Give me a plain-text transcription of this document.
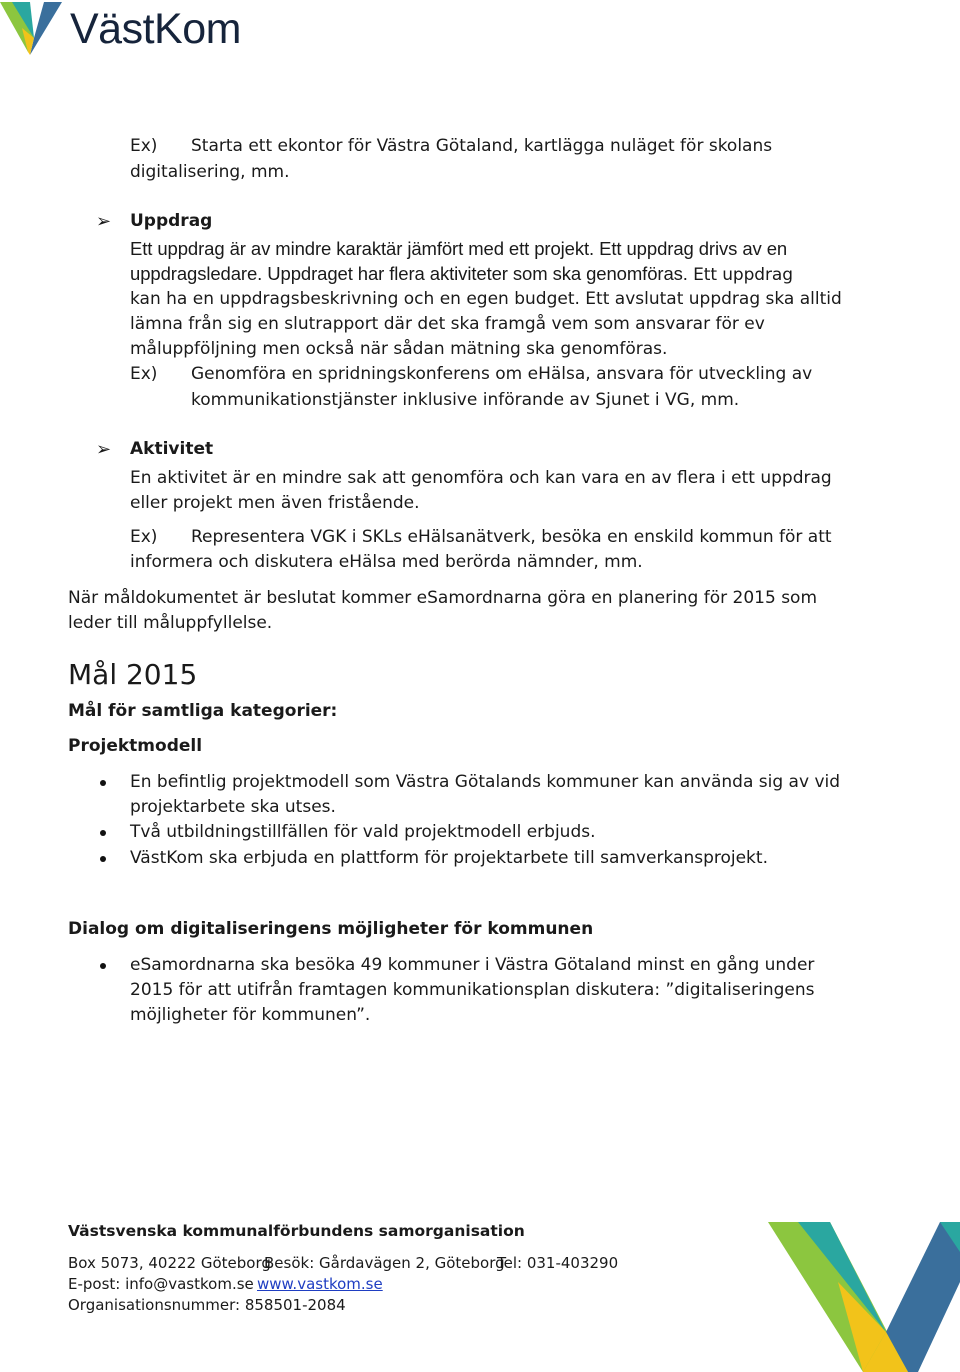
VästKom
Ex) Starta ett ekontor för Västra Götaland, kartlägga nuläget för skolans
digitalisering, mm.
➢ Uppdrag
Ett uppdrag är av mindre karaktär jämfört med ett projekt. Ett uppdrag drivs av en
uppdragsledare. Uppdraget har flera aktiviteter som ska genomföras. Ett uppdrag
kan ha en uppdragsbeskrivning och en egen budget. Ett avslutat uppdrag ska alltid
lämna från sig en slutrapport där det ska framgå vem som ansvarar för ev
måluppföljning men också när sådan mätning ska genomföras.
Ex) Genomföra en spridningskonferens om eHälsa, ansvara för utveckling av
kommunikationstjänster inklusive införande av Sjunet i VG, mm.
➢ Aktivitet
En aktivitet är en mindre sak att genomföra och kan vara en av flera i ett uppdrag
eller projekt men även fristående.
Ex) Representera VGK i SKLs eHälsanätverk, besöka en enskild kommun för att
informera och diskutera eHälsa med berörda nämnder, mm.
När måldokumentet är beslutat kommer eSamordnarna göra en planering för 2015 som
leder till måluppfyllelse.
Mål 2015
Mål för samtliga kategorier:
Projektmodell
En befintlig projektmodell som Västra Götalands kommuner kan använda sig av vid
projektarbete ska utses.
Två utbildningstillfällen för vald projektmodell erbjuds.
VästKom ska erbjuda en plattform för projektarbete till samverkansprojekt.
Dialog om digitaliseringens möjligheter för kommunen
eSamordnarna ska besöka 49 kommuner i Västra Götaland minst en gång under
2015 för att utifrån framtagen kommunikationsplan diskutera: ”digitaliseringens
möjligheter för kommunen”.
Västsvenska kommunalförbundens samorganisation
Box 5073, 40222 Göteborg
Besök: Gårdavägen 2, Göteborg
Tel: 031-403290
E-post: info@vastkom.se www.vastkom.se
Organisationsnummer: 858501-2084
